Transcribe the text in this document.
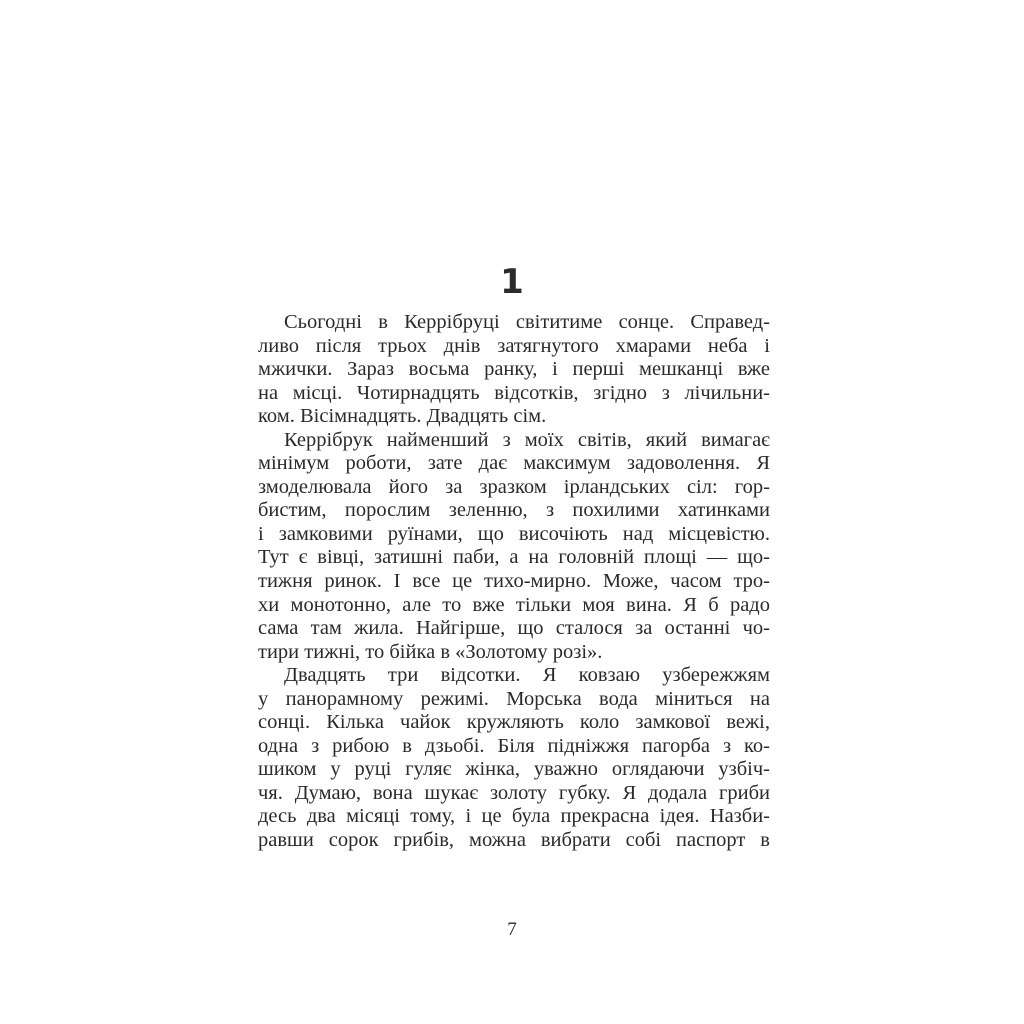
1
Сьогодні в Керрібруці світитиме сонце. Справед-
ливо після трьох днів затягнутого хмарами неба і
мжички. Зараз восьма ранку, і перші мешканці вже
на місці. Чотирнадцять відсотків, згідно з лічильни-
ком. Вісімнадцять. Двадцять сім.
Керрібрук найменший з моїх світів, який вимагає
мінімум роботи, зате дає максимум задоволення. Я
змоделювала його за зразком ірландських сіл: гор-
бистим, порослим зеленню, з похилими хатинками
і замковими руїнами, що височіють над місцевістю.
Тут є вівці, затишні паби, а на головній площі — що-
тижня ринок. І все це тихо-мирно. Може, часом тро-
хи монотонно, але то вже тільки моя вина. Я б радо
сама там жила. Найгірше, що сталося за останні чо-
тири тижні, то бійка в «Золотому розі».
Двадцять три відсотки. Я ковзаю узбережжям
у панорамному режимі. Морська вода міниться на
сонці. Кілька чайок кружляють коло замкової вежі,
одна з рибою в дзьобі. Біля підніжжя пагорба з ко-
шиком у руці гуляє жінка, уважно оглядаючи узбіч-
чя. Думаю, вона шукає золоту губку. Я додала гриби
десь два місяці тому, і це була прекрасна ідея. Назби-
равши сорок грибів, можна вибрати собі паспорт в
7
